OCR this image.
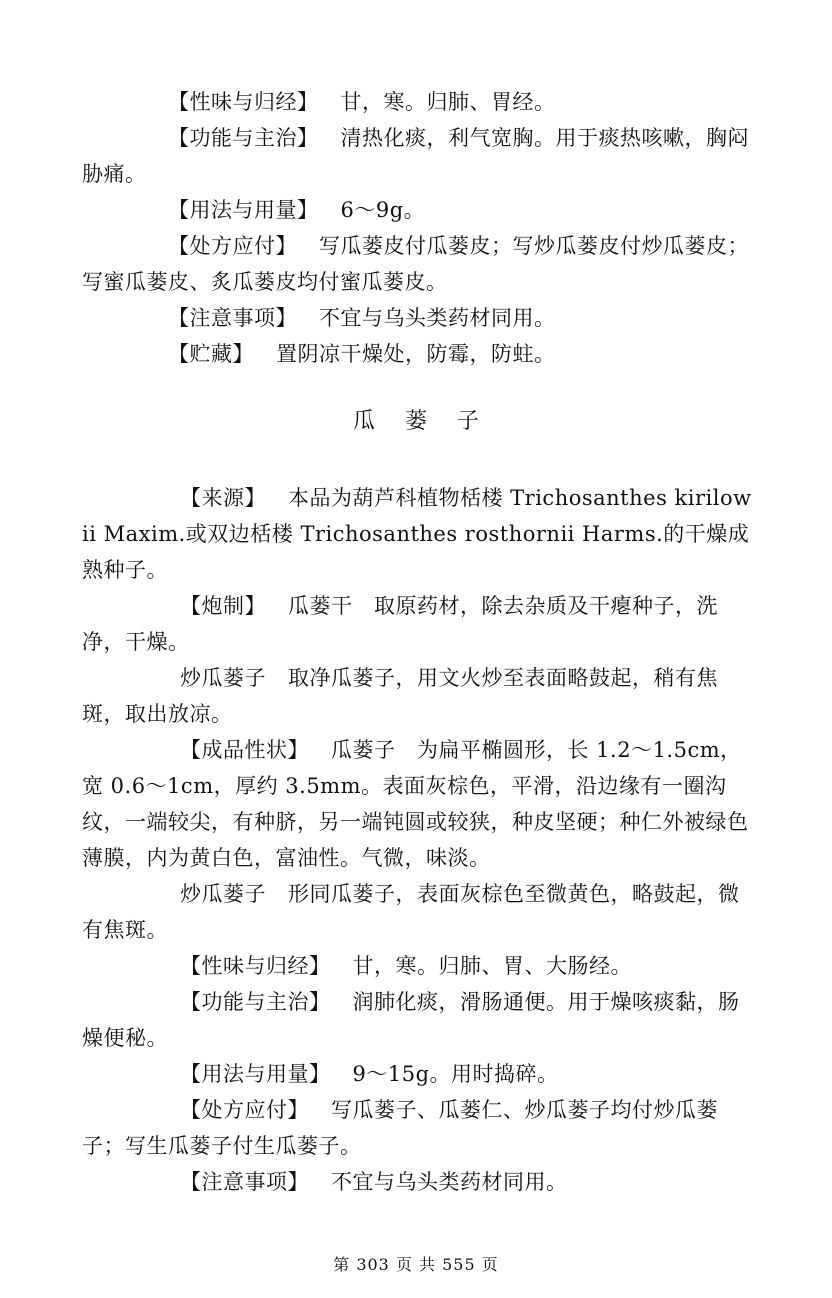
【性味与归经】 甘，寒。归肺、胃经。

【功能与主治】 清热化痰，利气宽胸。用于痰热咳嗽，胸闷胁痛。

【用法与用量】 6～9g。

【处方应付】 写瓜蒌皮付瓜蒌皮；写炒瓜蒌皮付炒瓜蒌皮；写蜜瓜蒌皮、炙瓜蒌皮均付蜜瓜蒌皮。

【注意事项】 不宜与乌头类药材同用。

【贮藏】 置阴凉干燥处，防霉，防蛀。

瓜蒌子

【来源】 本品为葫芦科植物栝楼 Trichosanthes kirilowii Maxim.或双边栝楼 Trichosanthes rosthornii Harms.的干燥成熟种子。

【炮制】 瓜蒌干　取原药材，除去杂质及干瘪种子，洗净，干燥。

炒瓜蒌子 取净瓜蒌子，用文火炒至表面略鼓起，稍有焦斑，取出放凉。

【成品性状】 瓜蒌子　为扁平椭圆形，长 1.2～1.5cm，宽 0.6～1cm，厚约 3.5mm。表面灰棕色，平滑，沿边缘有一圈沟纹，一端较尖，有种脐，另一端钝圆或较狭，种皮坚硬；种仁外被绿色薄膜，内为黄白色，富油性。气微，味淡。

炒瓜蒌子 形同瓜蒌子，表面灰棕色至微黄色，略鼓起，微有焦斑。

【性味与归经】 甘，寒。归肺、胃、大肠经。

【功能与主治】 润肺化痰，滑肠通便。用于燥咳痰黏，肠燥便秘。

【用法与用量】 9～15g。用时捣碎。

【处方应付】 写瓜蒌子、瓜蒌仁、炒瓜蒌子均付炒瓜蒌子；写生瓜蒌子付生瓜蒌子。

【注意事项】 不宜与乌头类药材同用。

第 303 页 共 555 页
